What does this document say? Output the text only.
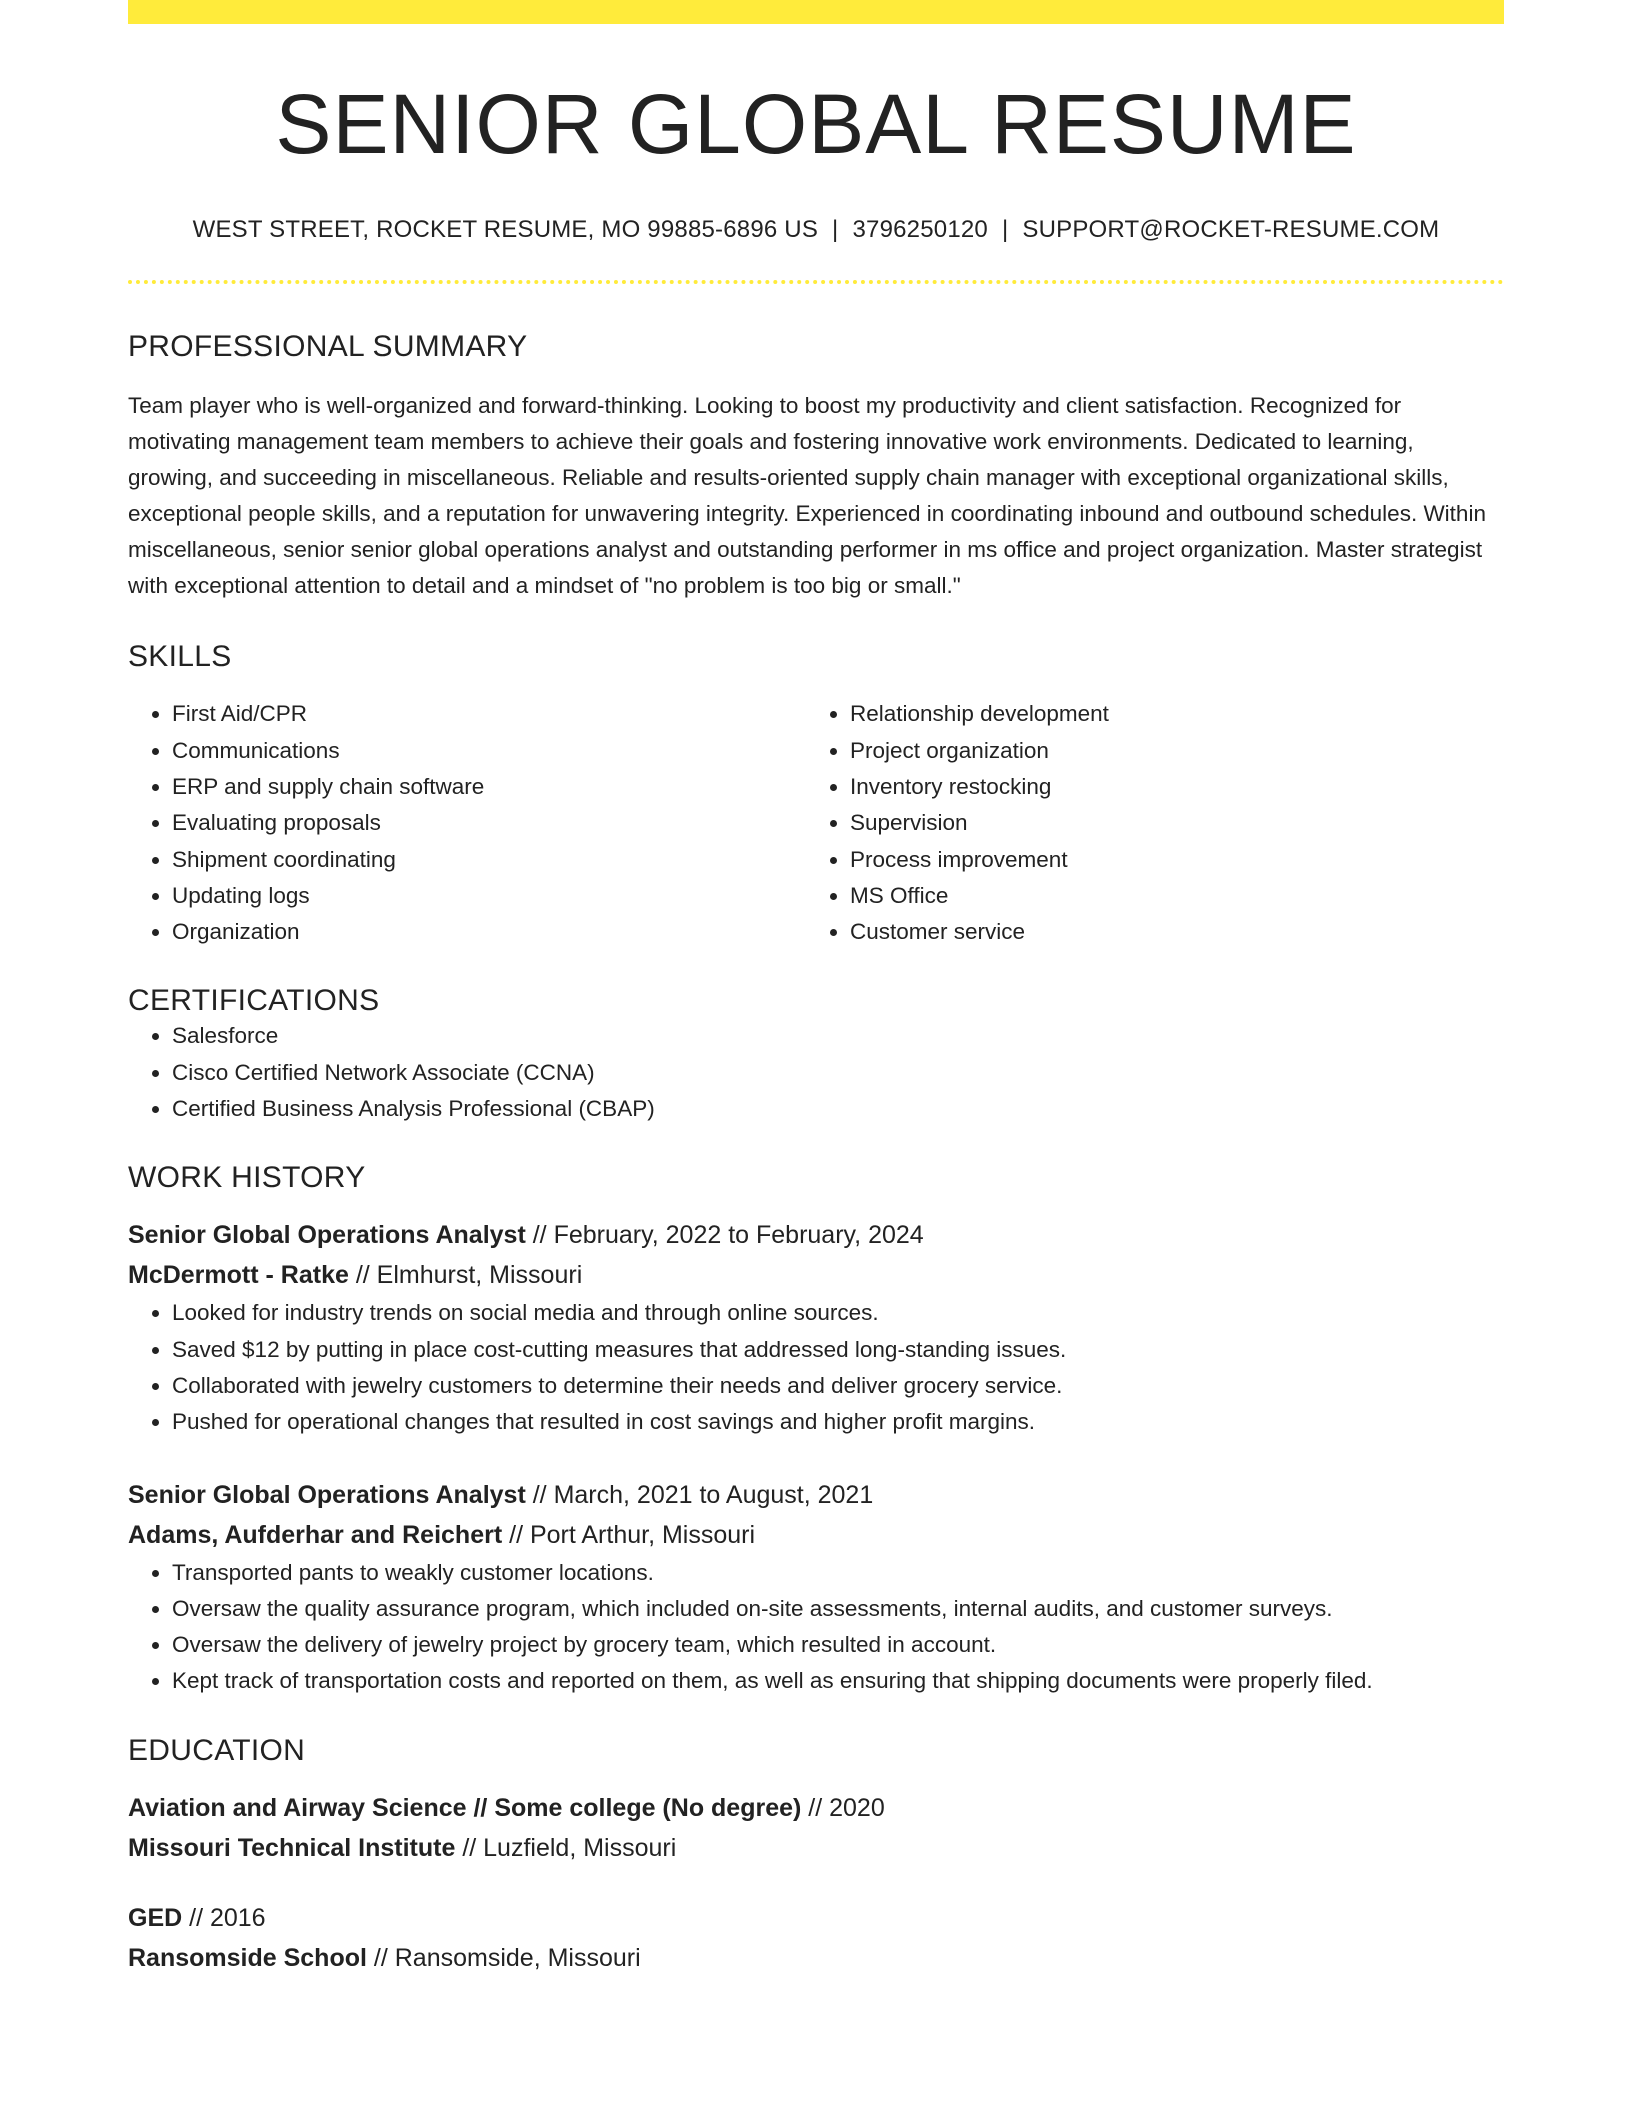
SENIOR GLOBAL RESUME
WEST STREET, ROCKET RESUME, MO 99885-6896 US | 3796250120 | SUPPORT@ROCKET-RESUME.COM
PROFESSIONAL SUMMARY

Team player who is well-organized and forward-thinking. Looking to boost my productivity and client satisfaction. Recognized for motivating management team members to achieve their goals and fostering innovative work environments. Dedicated to learning, growing, and succeeding in miscellaneous. Reliable and results-oriented supply chain manager with exceptional organizational skills, exceptional people skills, and a reputation for unwavering integrity. Experienced in coordinating inbound and outbound schedules. Within miscellaneous, senior senior global operations analyst and outstanding performer in ms office and project organization. Master strategist with exceptional attention to detail and a mindset of "no problem is too big or small."

SKILLS
• First Aid/CPR
• Communications
• ERP and supply chain software
• Evaluating proposals
• Shipment coordinating
• Updating logs
• Organization
• Relationship development
• Project organization
• Inventory restocking
• Supervision
• Process improvement
• MS Office
• Customer service
CERTIFICATIONS
• Salesforce
• Cisco Certified Network Associate (CCNA)
• Certified Business Analysis Professional (CBAP)
WORK HISTORY
Senior Global Operations Analyst // February, 2022 to February, 2024
McDermott - Ratke // Elmhurst, Missouri
• Looked for industry trends on social media and through online sources.
• Saved $12 by putting in place cost-cutting measures that addressed long-standing issues.
• Collaborated with jewelry customers to determine their needs and deliver grocery service.
• Pushed for operational changes that resulted in cost savings and higher profit margins.
Senior Global Operations Analyst // March, 2021 to August, 2021
Adams, Aufderhar and Reichert // Port Arthur, Missouri
• Transported pants to weakly customer locations.
• Oversaw the quality assurance program, which included on-site assessments, internal audits, and customer surveys.
• Oversaw the delivery of jewelry project by grocery team, which resulted in account.
• Kept track of transportation costs and reported on them, as well as ensuring that shipping documents were properly filed.
EDUCATION
Aviation and Airway Science // Some college (No degree) // 2020
Missouri Technical Institute // Luzfield, Missouri
GED // 2016
Ransomside School // Ransomside, Missouri
